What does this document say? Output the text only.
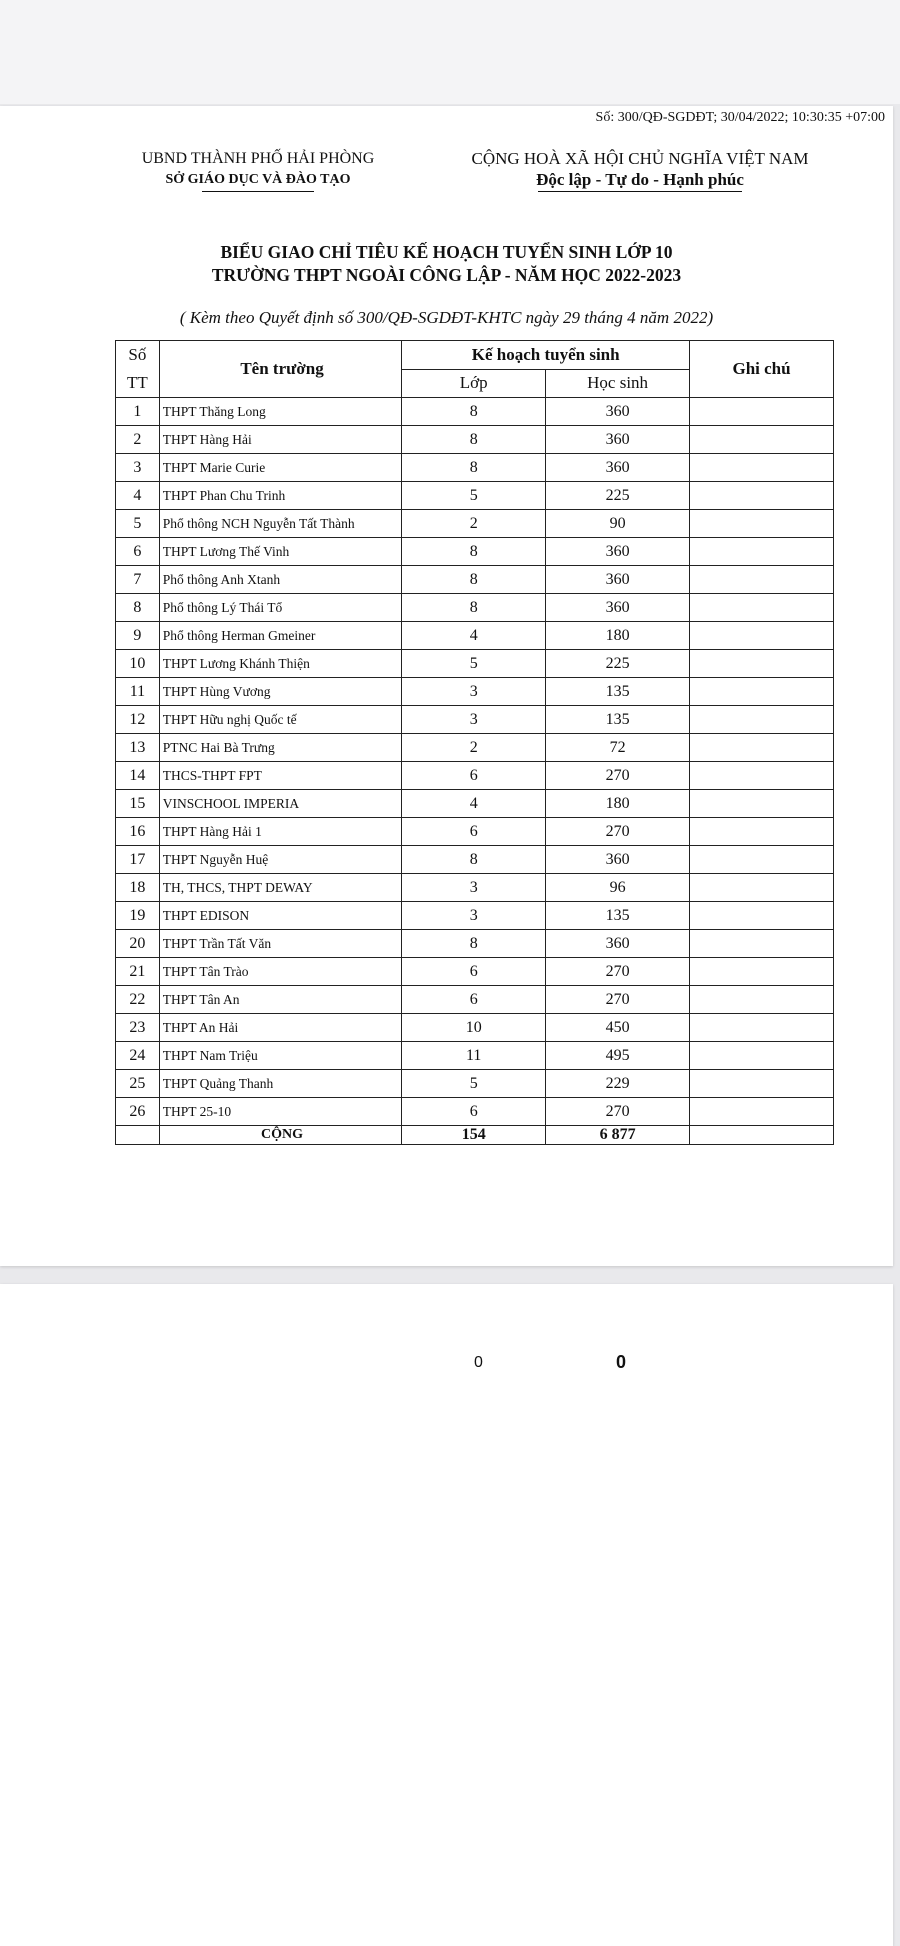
Số: 300/QĐ-SGDĐT; 30/04/2022; 10:30:35 +07:00
UBND THÀNH PHỐ HẢI PHÒNG
SỞ GIÁO DỤC VÀ ĐÀO TẠO
CỘNG HOÀ XÃ HỘI CHỦ NGHĨA VIỆT NAM
Độc lập - Tự do - Hạnh phúc
BIỂU GIAO CHỈ TIÊU KẾ HOẠCH TUYỂN SINH LỚP 10
TRƯỜNG THPT NGOÀI CÔNG LẬP - NĂM HỌC 2022-2023
( Kèm theo Quyết định số 300/QĐ-SGDĐT-KHTC ngày 29 tháng 4 năm 2022)
Số
TT	Tên trường	Kế hoạch tuyển sinh		Ghi chú
		Lớp	Học sinh	
1	THPT Thăng Long	8	360	
2	THPT Hàng Hải	8	360	
3	THPT Marie Curie	8	360	
4	THPT Phan Chu Trinh	5	225	
5	Phổ thông NCH Nguyễn Tất Thành	2	90	
6	THPT Lương Thế Vinh	8	360	
7	Phổ thông Anh Xtanh	8	360	
8	Phổ thông Lý Thái Tổ	8	360	
9	Phổ thông Herman Gmeiner	4	180	
10	THPT Lương Khánh Thiện	5	225	
11	THPT Hùng Vương	3	135	
12	THPT Hữu nghị Quốc tế	3	135	
13	PTNC Hai Bà Trưng	2	72	
14	THCS-THPT FPT	6	270	
15	VINSCHOOL IMPERIA	4	180	
16	THPT Hàng Hải 1	6	270	
17	THPT Nguyễn Huệ	8	360	
18	TH, THCS, THPT DEWAY	3	96	
19	THPT EDISON	3	135	
20	THPT Trần Tất Văn	8	360	
21	THPT Tân Trào	6	270	
22	THPT Tân An	6	270	
23	THPT An Hải	10	450	
24	THPT Nam Triệu	11	495	
25	THPT Quảng Thanh	5	229	
26	THPT 25-10	6	270	
	CỘNG	154	6 877	
0	0
